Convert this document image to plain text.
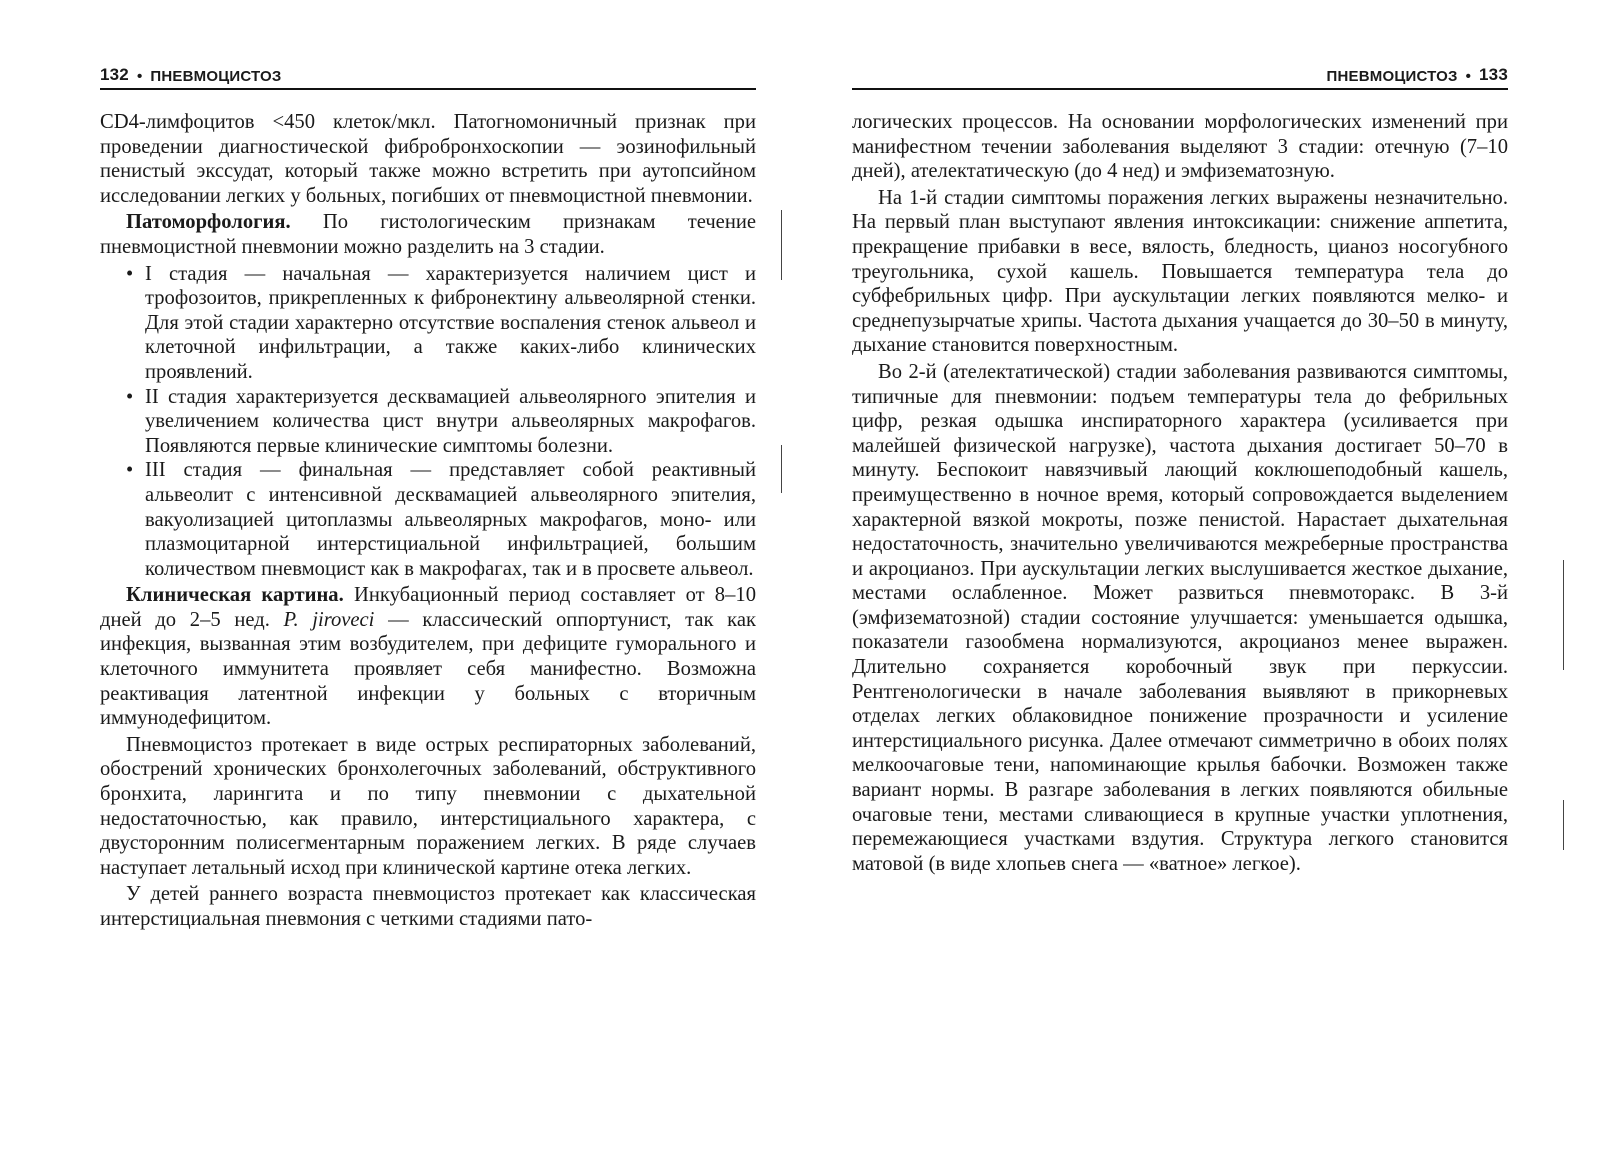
132 • ПНЕВМОЦИСТОЗ

CD4-лимфоцитов <450 клеток/мкл. Патогномоничный признак при проведении диагностической фибробронхоскопии — эозинофильный пенистый экссудат, который также можно встретить при аутопсийном исследовании легких у больных, погибших от пневмоцистной пневмонии.

Патоморфология. По гистологическим признакам течение пневмоцистной пневмонии можно разделить на 3 стадии.

• I стадия — начальная — характеризуется наличием цист и трофозоитов, прикрепленных к фибронектину альвеолярной стенки. Для этой стадии характерно отсутствие воспаления стенок альвеол и клеточной инфильтрации, а также каких-либо клинических проявлений.
• II стадия характеризуется десквамацией альвеолярного эпителия и увеличением количества цист внутри альвеолярных макрофагов. Появляются первые клинические симптомы болезни.
• III стадия — финальная — представляет собой реактивный альвеолит с интенсивной десквамацией альвеолярного эпителия, вакуолизацией цитоплазмы альвеолярных макрофагов, моно- или плазмоцитарной интерстициальной инфильтрацией, большим количеством пневмоцист как в макрофагах, так и в просвете альвеол.

Клиническая картина. Инкубационный период составляет от 8–10 дней до 2–5 нед. P. jiroveci — классический оппортунист, так как инфекция, вызванная этим возбудителем, при дефиците гуморального и клеточного иммунитета проявляет себя манифестно. Возможна реактивация латентной инфекции у больных с вторичным иммунодефицитом.

Пневмоцистоз протекает в виде острых респираторных заболеваний, обострений хронических бронхолегочных заболеваний, обструктивного бронхита, ларингита и по типу пневмонии с дыхательной недостаточностью, как правило, интерстициального характера, с двусторонним полисегментарным поражением легких. В ряде случаев наступает летальный исход при клинической картине отека легких.

У детей раннего возраста пневмоцистоз протекает как классическая интерстициальная пневмония с четкими стадиями пато-

ПНЕВМОЦИСТОЗ • 133

логических процессов. На основании морфологических изменений при манифестном течении заболевания выделяют 3 стадии: отечную (7–10 дней), ателектатическую (до 4 нед) и эмфизематозную.

На 1-й стадии симптомы поражения легких выражены незначительно. На первый план выступают явления интоксикации: снижение аппетита, прекращение прибавки в весе, вялость, бледность, цианоз носогубного треугольника, сухой кашель. Повышается температура тела до субфебрильных цифр. При аускультации легких появляются мелко- и среднепузырчатые хрипы. Частота дыхания учащается до 30–50 в минуту, дыхание становится поверхностным.

Во 2-й (ателектатической) стадии заболевания развиваются симптомы, типичные для пневмонии: подъем температуры тела до фебрильных цифр, резкая одышка инспираторного характера (усиливается при малейшей физической нагрузке), частота дыхания достигает 50–70 в минуту. Беспокоит навязчивый лающий коклюшеподобный кашель, преимущественно в ночное время, который сопровождается выделением характерной вязкой мокроты, позже пенистой. Нарастает дыхательная недостаточность, значительно увеличиваются межреберные пространства и акроцианоз. При аускультации легких выслушивается жесткое дыхание, местами ослабленное. Может развиться пневмоторакс. В 3-й (эмфизематозной) стадии состояние улучшается: уменьшается одышка, показатели газообмена нормализуются, акроцианоз менее выражен. Длительно сохраняется коробочный звук при перкуссии. Рентгенологически в начале заболевания выявляют в прикорневых отделах легких облаковидное понижение прозрачности и усиление интерстициального рисунка. Далее отмечают симметрично в обоих полях мелкоочаговые тени, напоминающие крылья бабочки. Возможен также вариант нормы. В разгаре заболевания в легких появляются обильные очаговые тени, местами сливающиеся в крупные участки уплотнения, перемежающиеся участками вздутия. Структура легкого становится матовой (в виде хлопьев снега — «ватное» легкое).
